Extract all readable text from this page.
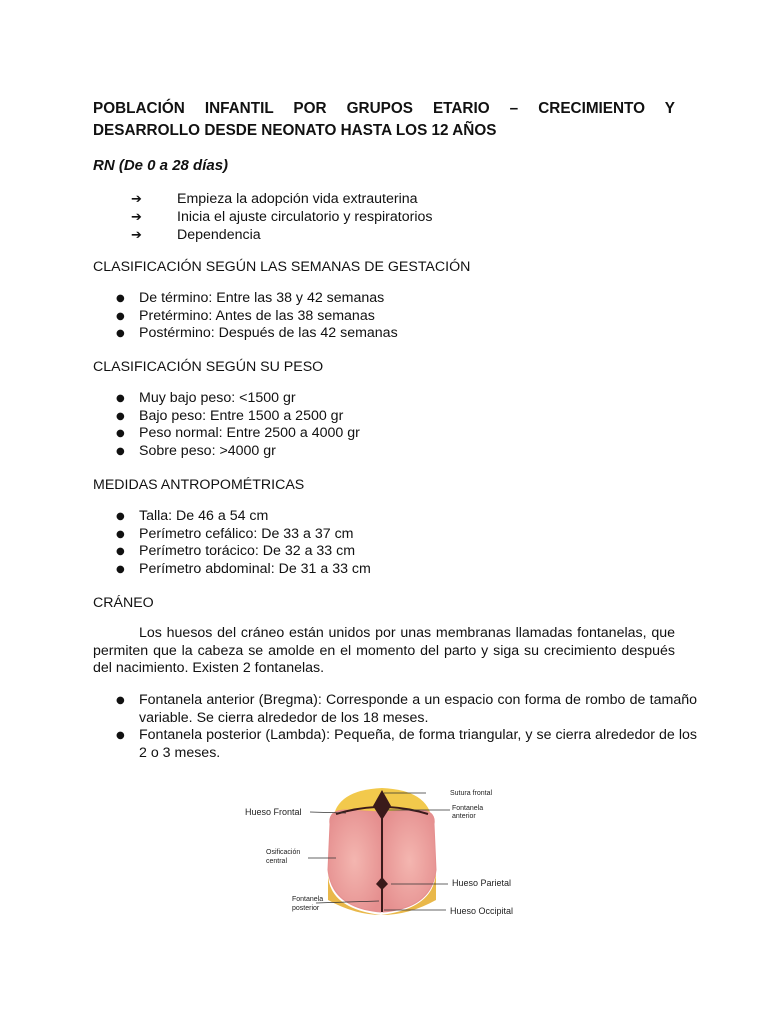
POBLACIÓN INFANTIL POR GRUPOS ETARIO – CRECIMIENTO Y DESARROLLO DESDE NEONATO HASTA LOS 12 AÑOS
RN (De 0 a 28 días)
➔ Empieza la adopción vida extrauterina
➔ Inicia el ajuste circulatorio y respiratorios
➔ Dependencia
CLASIFICACIÓN SEGÚN LAS SEMANAS DE GESTACIÓN
● De término: Entre las 38 y 42 semanas
● Pretérmino: Antes de las 38 semanas
● Postérmino: Después de las 42 semanas
CLASIFICACIÓN SEGÚN SU PESO
● Muy bajo peso: <1500 gr
● Bajo peso: Entre 1500 a 2500 gr
● Peso normal: Entre 2500 a 4000 gr
● Sobre peso: >4000 gr
MEDIDAS ANTROPOMÉTRICAS
● Talla: De 46 a 54 cm
● Perímetro cefálico: De 33 a 37 cm
● Perímetro torácico: De 32 a 33 cm
● Perímetro abdominal: De 31 a 33 cm
CRÁNEO

Los huesos del cráneo están unidos por unas membranas llamadas fontanelas, que permiten que la cabeza se amolde en el momento del parto y siga su crecimiento después del nacimiento. Existen 2 fontanelas.

● Fontanela anterior (Bregma): Corresponde a un espacio con forma de rombo de tamaño variable. Se cierra alrededor de los 18 meses.
● Fontanela posterior (Lambda): Pequeña, de forma triangular, y se cierra alrededor de los 2 o 3 meses.
Hueso Frontal
Osificación
central
Fontanela
posterior
Sutura frontal
Fontanela
anterior
Hueso Parietal
Hueso Occipital
